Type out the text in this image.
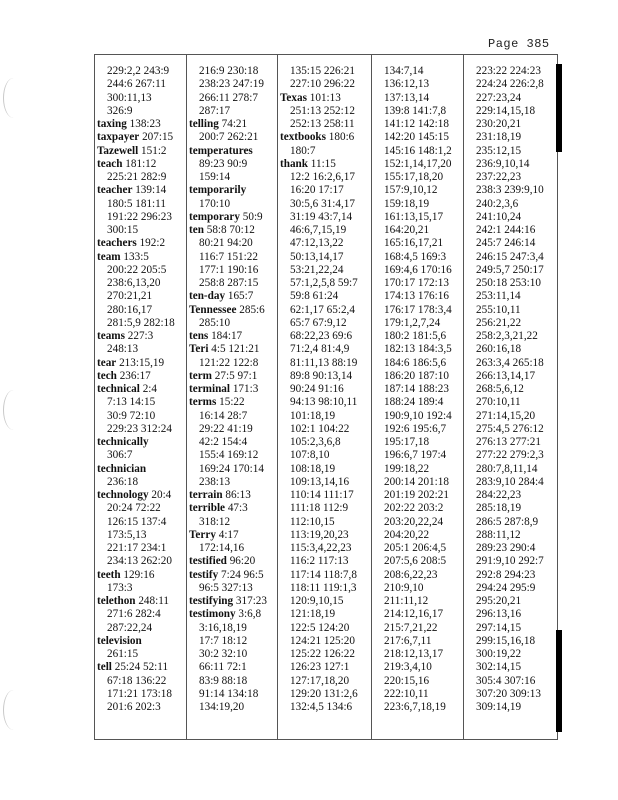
Page 385
229:2,2 243:9
244:6 267:11
300:11,13
326:9
taxing 138:23
taxpayer 207:15
Tazewell 151:2
teach 181:12
225:21 282:9
teacher 139:14
180:5 181:11
191:22 296:23
300:15
teachers 192:2
team 133:5
200:22 205:5
238:6,13,20
270:21,21
280:16,17
281:5,9 282:18
teams 227:3
248:13
tear 213:15,19
tech 236:17
technical 2:4
7:13 14:15
30:9 72:10
229:23 312:24
technically
306:7
technician
236:18
technology 20:4
20:24 72:22
126:15 137:4
173:5,13
221:17 234:1
234:13 262:20
teeth 129:16
173:3
telethon 248:11
271:6 282:4
287:22,24
television
261:15
tell 25:24 52:11
67:18 136:22
171:21 173:18
201:6 202:3
216:9 230:18
238:23 247:19
266:11 278:7
287:17
telling 74:21
200:7 262:21
temperatures
89:23 90:9
159:14
temporarily
170:10
temporary 50:9
ten 58:8 70:12
80:21 94:20
116:7 151:22
177:1 190:16
258:8 287:15
ten-day 165:7
Tennessee 285:6
285:10
tens 184:17
Teri 4:5 121:21
121:22 122:8
term 27:5 97:1
terminal 171:3
terms 15:22
16:14 28:7
29:22 41:19
42:2 154:4
155:4 169:12
169:24 170:14
238:13
terrain 86:13
terrible 47:3
318:12
Terry 4:17
172:14,16
testified 96:20
testify 7:24 96:5
96:5 327:13
testifying 317:23
testimony 3:6,8
3:16,18,19
17:7 18:12
30:2 32:10
66:11 72:1
83:9 88:18
91:14 134:18
134:19,20
135:15 226:21
227:10 296:22
Texas 101:13
251:13 252:12
252:13 258:11
textbooks 180:6
180:7
thank 11:15
12:2 16:2,6,17
16:20 17:17
30:5,6 31:4,17
31:19 43:7,14
46:6,7,15,19
47:12,13,22
50:13,14,17
53:21,22,24
57:1,2,5,8 59:7
59:8 61:24
62:1,17 65:2,4
65:7 67:9,12
68:22,23 69:6
71:2,4 81:4,9
81:11,13 88:19
89:8 90:13,14
90:24 91:16
94:13 98:10,11
101:18,19
102:1 104:22
105:2,3,6,8
107:8,10
108:18,19
109:13,14,16
110:14 111:17
111:18 112:9
112:10,15
113:19,20,23
115:3,4,22,23
116:2 117:13
117:14 118:7,8
118:11 119:1,3
120:9,10,15
121:18,19
122:5 124:20
124:21 125:20
125:22 126:22
126:23 127:1
127:17,18,20
129:20 131:2,6
132:4,5 134:6
134:7,14
136:12,13
137:13,14
139:8 141:7,8
141:12 142:18
142:20 145:15
145:16 148:1,2
152:1,14,17,20
155:17,18,20
157:9,10,12
159:18,19
161:13,15,17
164:20,21
165:16,17,21
168:4,5 169:3
169:4,6 170:16
170:17 172:13
174:13 176:16
176:17 178:3,4
179:1,2,7,24
180:2 181:5,6
182:13 184:3,5
184:6 186:5,6
186:20 187:10
187:14 188:23
188:24 189:4
190:9,10 192:4
192:6 195:6,7
195:17,18
196:6,7 197:4
199:18,22
200:14 201:18
201:19 202:21
202:22 203:2
203:20,22,24
204:20,22
205:1 206:4,5
207:5,6 208:5
208:6,22,23
210:9,10
211:11,12
214:12,16,17
215:7,21,22
217:6,7,11
218:12,13,17
219:3,4,10
220:15,16
222:10,11
223:6,7,18,19
223:22 224:23
224:24 226:2,8
227:23,24
229:14,15,18
230:20,21
231:18,19
235:12,15
236:9,10,14
237:22,23
238:3 239:9,10
240:2,3,6
241:10,24
242:1 244:16
245:7 246:14
246:15 247:3,4
249:5,7 250:17
250:18 253:10
253:11,14
255:10,11
256:21,22
258:2,3,21,22
260:16,18
263:3,4 265:18
266:13,14,17
268:5,6,12
270:10,11
271:14,15,20
275:4,5 276:12
276:13 277:21
277:22 279:2,3
280:7,8,11,14
283:9,10 284:4
284:22,23
285:18,19
286:5 287:8,9
288:11,12
289:23 290:4
291:9,10 292:7
292:8 294:23
294:24 295:9
295:20,21
296:13,16
297:14,15
299:15,16,18
300:19,22
302:14,15
305:4 307:16
307:20 309:13
309:14,19
